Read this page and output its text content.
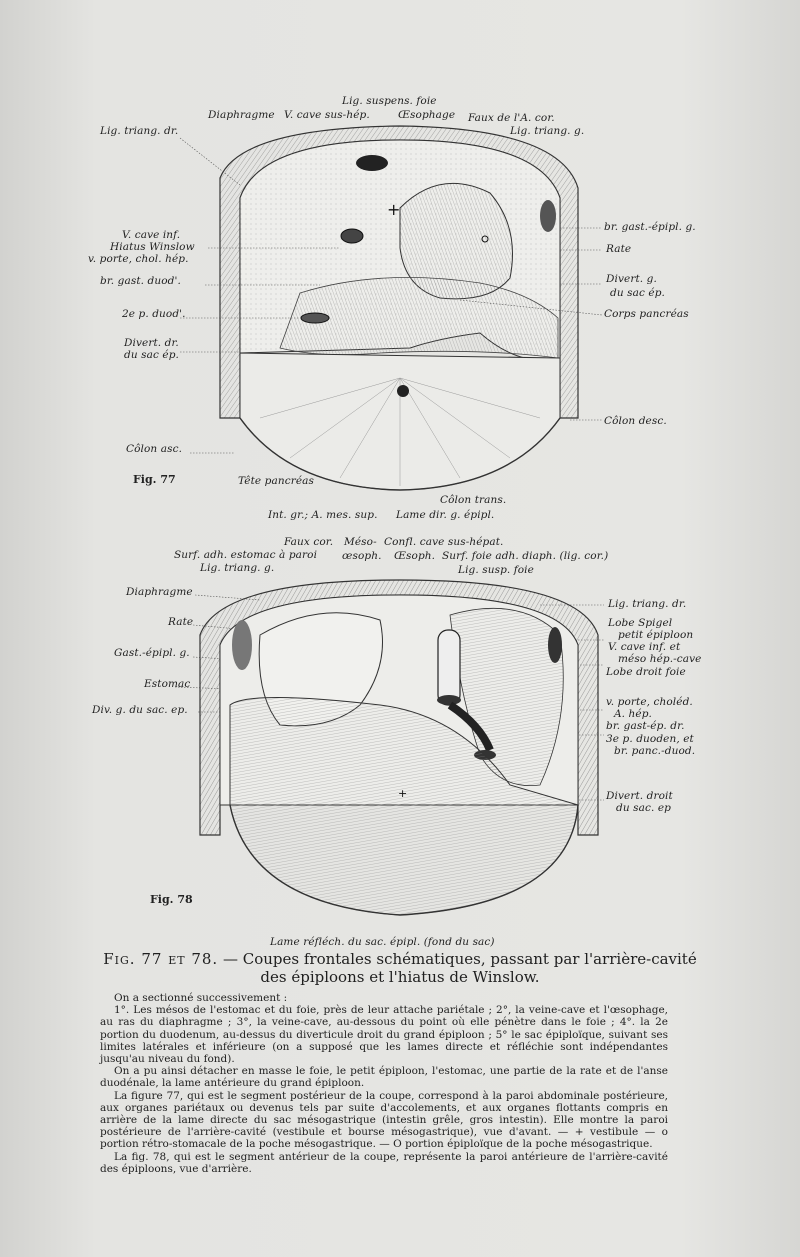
+
Lig. suspens. foie
Diaphragme V. cave sus-hép.	Œsophage Faux de l'A. cor.
Lig. triang. g.
Lig. triang. dr.
V. cave inf.
Hiatus Winslow
v. porte, chol. hép.
br. gast. duod'.
2e p. duod'.
Divert. dr.
du sac ép.
Côlon asc.
br. gast.-épipl. g.
Rate
Divert. g.
du sac ép.
Corps pancréas
Côlon desc.
Fig. 77	Tête pancréas
Côlon trans.
Int. gr.; A. mes. sup. Lame dir. g. épipl.
+
Faux cor. Méso-
œsoph.
Confl. cave sus-hépat.
Surf. adh. estomac à paroi	Œsoph. Surf. foie adh. diaph. (lig. cor.)
Lig. triang. g.	Lig. susp. foie
Diaphragme
Rate
Gast.-épipl. g.
Estomac
Div. g. du sac. ep.
Lig. triang. dr.
Lobe Spigel
petit épiploon
V. cave inf. et
méso hép.-cave
Lobe droit foie
v. porte, choléd.
A. hép.
br. gast-ép. dr.
3e p. duoden, et
br. panc.-duod.
Divert. droit
du sac. ep
Fig. 78
Lame réfléch. du sac. épipl. (fond du sac)
Fig. 77 et 78. — Coupes frontales schématiques, passant par l'arrière-cavité
des épiploons et l'hiatus de Winslow.

On a sectionné successivement :

1°. Les mésos de l'estomac et du foie, près de leur attache pariétale ; 2°, la veine-cave et l'œsophage, au ras du diaphragme ; 3°, la veine-cave, au-dessous du point où elle pénètre dans le foie ; 4°. la 2e portion du duodenum, au-dessus du diverticule droit du grand épiploon ; 5° le sac épiploïque, suivant ses limites latérales et inférieure (on a supposé que les lames directe et réfléchie sont indépendantes jusqu'au niveau du fond).

On a pu ainsi détacher en masse le foie, le petit épiploon, l'estomac, une partie de la rate et de l'anse duodénale, la lame antérieure du grand épiploon.

La figure 77, qui est le segment postérieur de la coupe, correspond à la paroi abdominale postérieure, aux organes pariétaux ou devenus tels par suite d'accolements, et aux organes flottants compris en arrière de la lame directe du sac mésogastrique (intestin grêle, gros intestin). Elle montre la paroi postérieure de l'arrière-cavité (vestibule et bourse mésogastrique), vue d'avant. — + vestibule — o portion rétro-stomacale de la poche mésogastrique. — O portion épiploïque de la poche mésogastrique.

La fig. 78, qui est le segment antérieur de la coupe, représente la paroi antérieure de l'arrière-cavité des épiploons, vue d'arrière.
